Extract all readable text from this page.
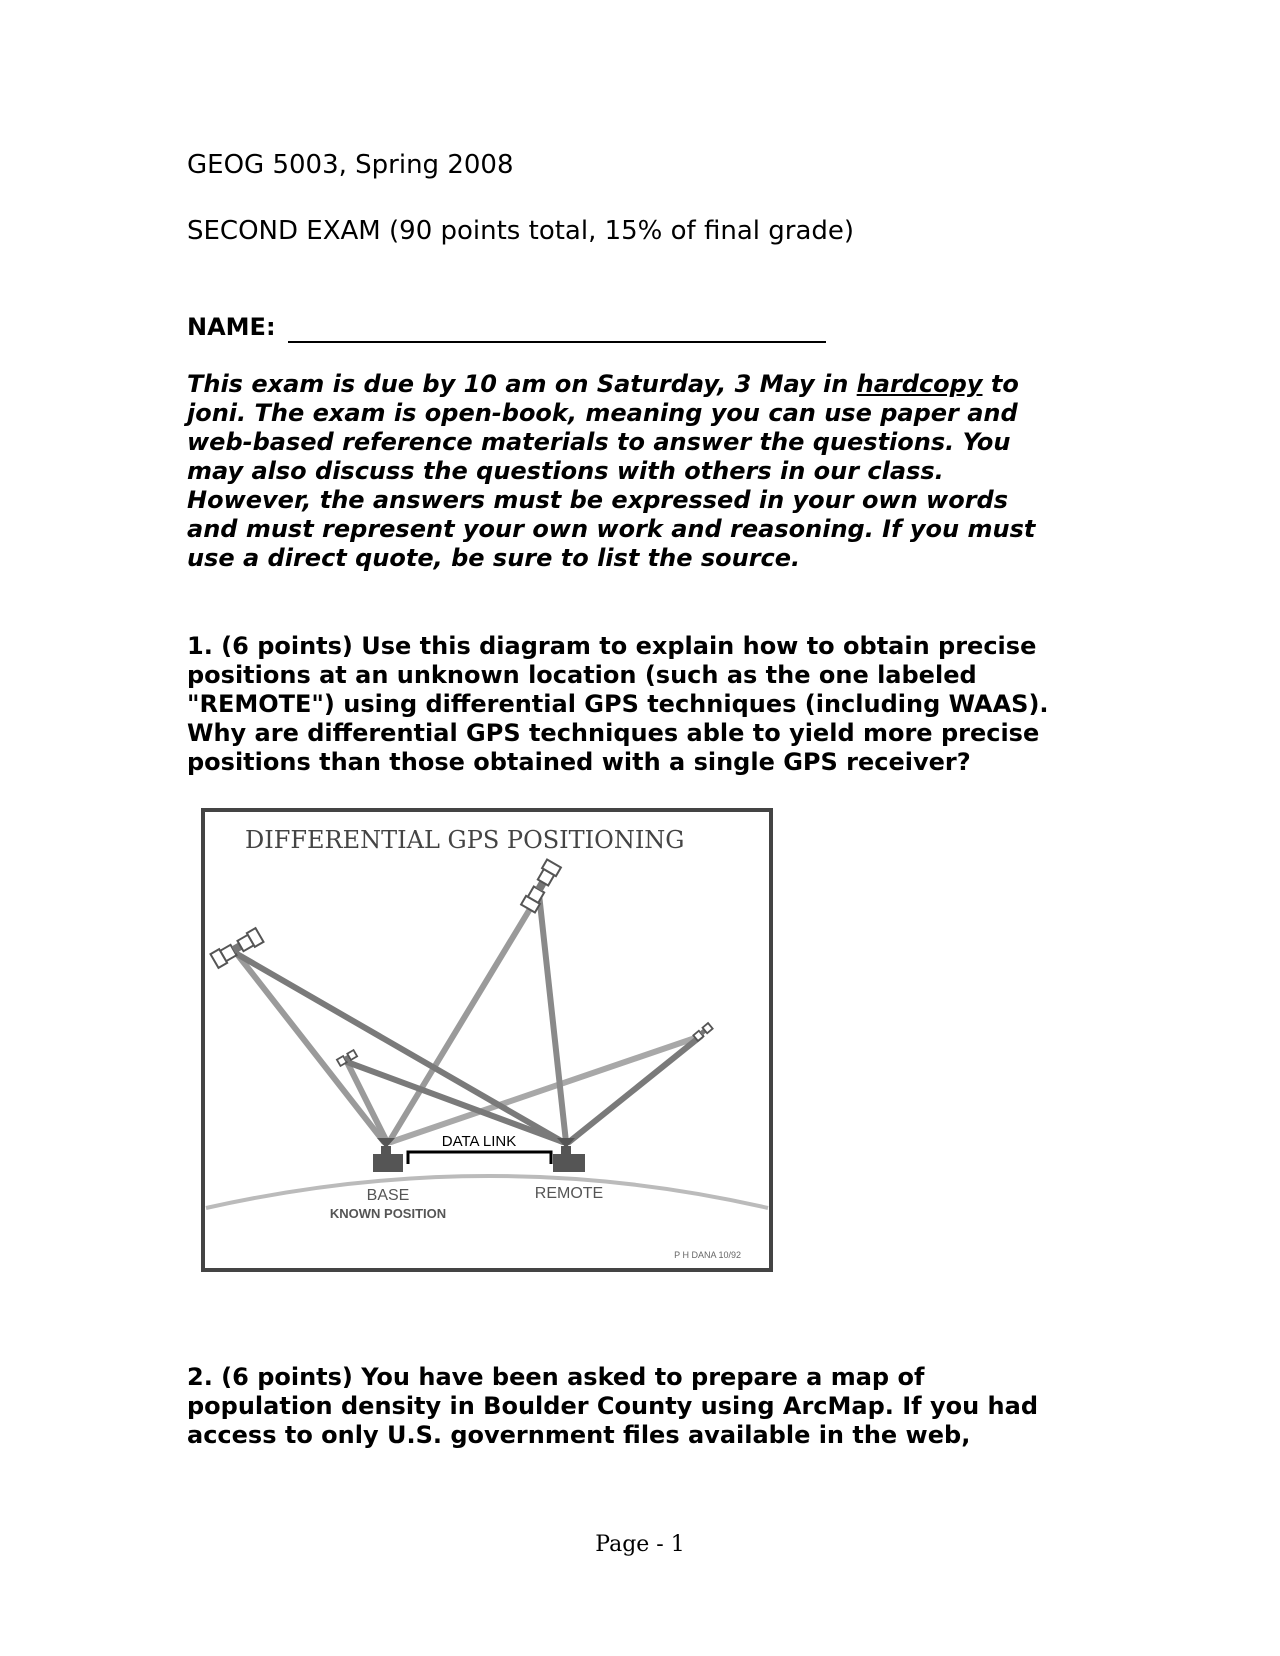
GEOG 5003, Spring 2008
SECOND EXAM (90 points total, 15% of final grade)
NAME:
This exam is due by 10 am on Saturday, 3 May in hardcopy to
joni. The exam is open-book, meaning you can use paper and
web-based reference materials to answer the questions. You
may also discuss the questions with others in our class.
However, the answers must be expressed in your own words
and must represent your own work and reasoning. If you must
use a direct quote, be sure to list the source.
1. (6 points) Use this diagram to explain how to obtain precise
positions at an unknown location (such as the one labeled
"REMOTE") using differential GPS techniques (including WAAS).
Why are differential GPS techniques able to yield more precise
positions than those obtained with a single GPS receiver?
DIFFERENTIAL GPS POSITIONING
DATA LINK
BASE
KNOWN POSITION
REMOTE
P H DANA 10/92
2. (6 points) You have been asked to prepare a map of
population density in Boulder County using ArcMap. If you had
access to only U.S. government files available in the web,
Page - 1
